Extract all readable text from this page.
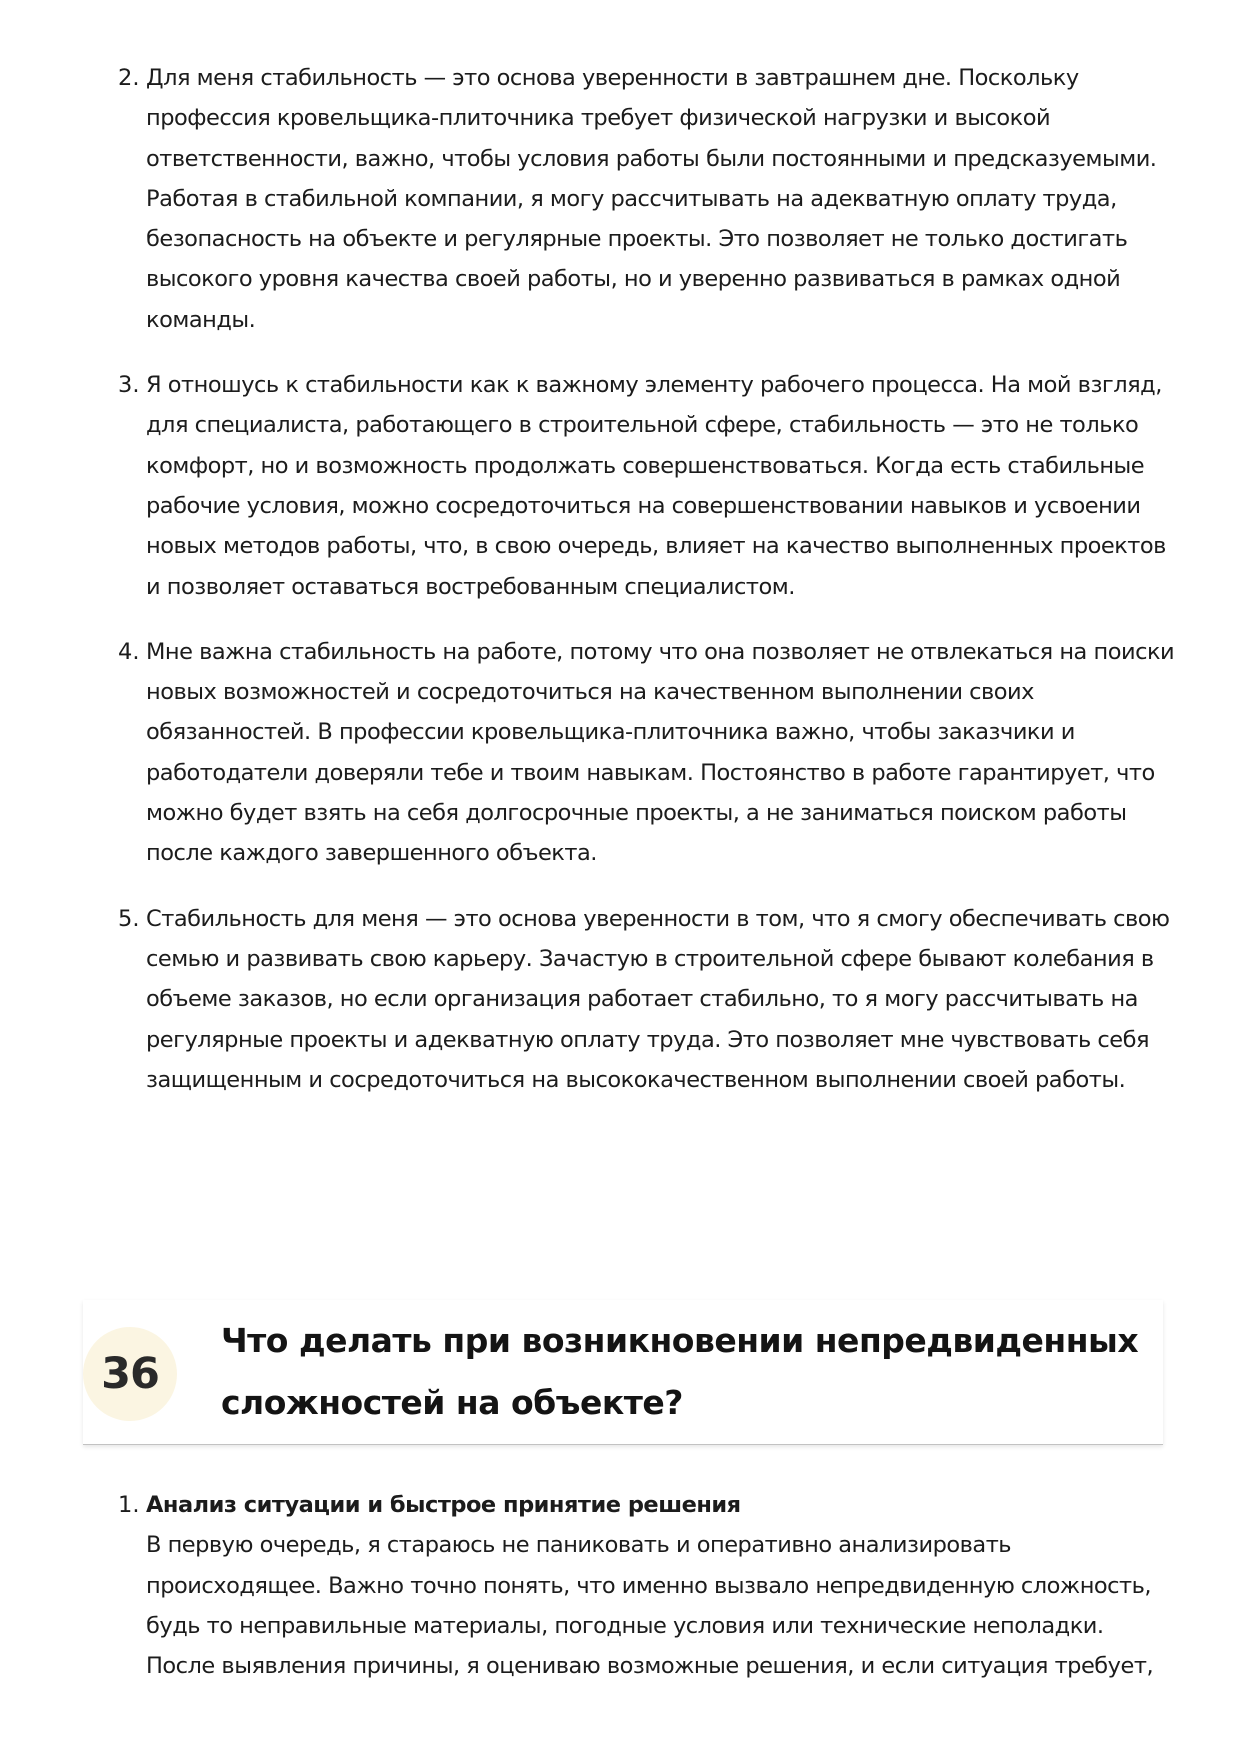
2. Для меня стабильность — это основа уверенности в завтрашнем дне. Поскольку профессия кровельщика-плиточника требует физической нагрузки и высокой ответственности, важно, чтобы условия работы были постоянными и предсказуемыми. Работая в стабильной компании, я могу рассчитывать на адекватную оплату труда, безопасность на объекте и регулярные проекты. Это позволяет не только достигать высокого уровня качества своей работы, но и уверенно развиваться в рамках одной команды.
3. Я отношусь к стабильности как к важному элементу рабочего процесса. На мой взгляд, для специалиста, работающего в строительной сфере, стабильность — это не только комфорт, но и возможность продолжать совершенствоваться. Когда есть стабильные рабочие условия, можно сосредоточиться на совершенствовании навыков и усвоении новых методов работы, что, в свою очередь, влияет на качество выполненных проектов и позволяет оставаться востребованным специалистом.
4. Мне важна стабильность на работе, потому что она позволяет не отвлекаться на поиски новых возможностей и сосредоточиться на качественном выполнении своих обязанностей. В профессии кровельщика-плиточника важно, чтобы заказчики и работодатели доверяли тебе и твоим навыкам. Постоянство в работе гарантирует, что можно будет взять на себя долгосрочные проекты, а не заниматься поиском работы после каждого завершенного объекта.
5. Стабильность для меня — это основа уверенности в том, что я смогу обеспечивать свою семью и развивать свою карьеру. Зачастую в строительной сфере бывают колебания в объеме заказов, но если организация работает стабильно, то я могу рассчитывать на регулярные проекты и адекватную оплату труда. Это позволяет мне чувствовать себя защищенным и сосредоточиться на высококачественном выполнении своей работы.
36
Что делать при возникновении непредвиденных сложностей на объекте?
1. Анализ ситуации и быстрое принятие решения
В первую очередь, я стараюсь не паниковать и оперативно анализировать происходящее. Важно точно понять, что именно вызвало непредвиденную сложность, будь то неправильные материалы, погодные условия или технические неполадки. После выявления причины, я оцениваю возможные решения, и если ситуация требует,
